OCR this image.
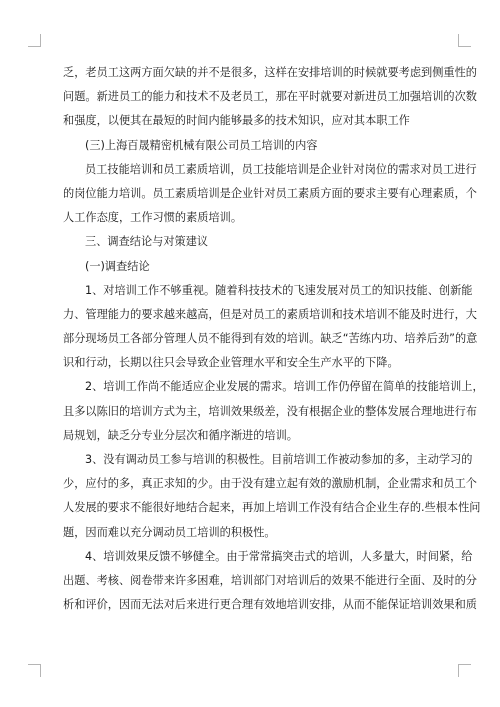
乏，老员工这两方面欠缺的并不是很多，这样在安排培训的时候就要考虑到侧重性的
问题。新进员工的能力和技术不及老员工，那在平时就要对新进员工加强培训的次数
和强度，以便其在最短的时间内能够最多的技术知识，应对其本职工作
(三)上海百晟精密机械有限公司员工培训的内容
员工技能培训和员工素质培训，员工技能培训是企业针对岗位的需求对员工进行
的岗位能力培训。员工素质培训是企业针对员工素质方面的要求主要有心理素质，个
人工作态度，工作习惯的素质培训。
三、调查结论与对策建议
(一)调查结论
1、对培训工作不够重视。随着科技技术的飞速发展对员工的知识技能、创新能
力、管理能力的要求越来越高，但是对员工的素质培训和技术培训不能及时进行，大
部分现场员工各部分管理人员不能得到有效的培训。缺乏“苦练内功、培养后劲”的意
识和行动，长期以往只会导致企业管理水平和安全生产水平的下降。
2、培训工作尚不能适应企业发展的需求。培训工作仍停留在简单的技能培训上，
且多以陈旧的培训方式为主，培训效果级差，没有根据企业的整体发展合理地进行布
局规划，缺乏分专业分层次和循序渐进的培训。
3、没有调动员工参与培训的积极性。目前培训工作被动参加的多，主动学习的
少，应付的多，真正求知的少。由于没有建立起有效的激励机制，企业需求和员工个
人发展的要求不能很好地结合起来，再加上培训工作没有结合企业生存的.些根本性问
题，因而难以充分调动员工培训的积极性。
4、培训效果反馈不够健全。由于常常搞突击式的培训，人多量大，时间紧，给
出题、考核、阅卷带来许多困难，培训部门对培训后的效果不能进行全面、及时的分
析和评价，因而无法对后来进行更合理有效地培训安排，从而不能保证培训效果和质
